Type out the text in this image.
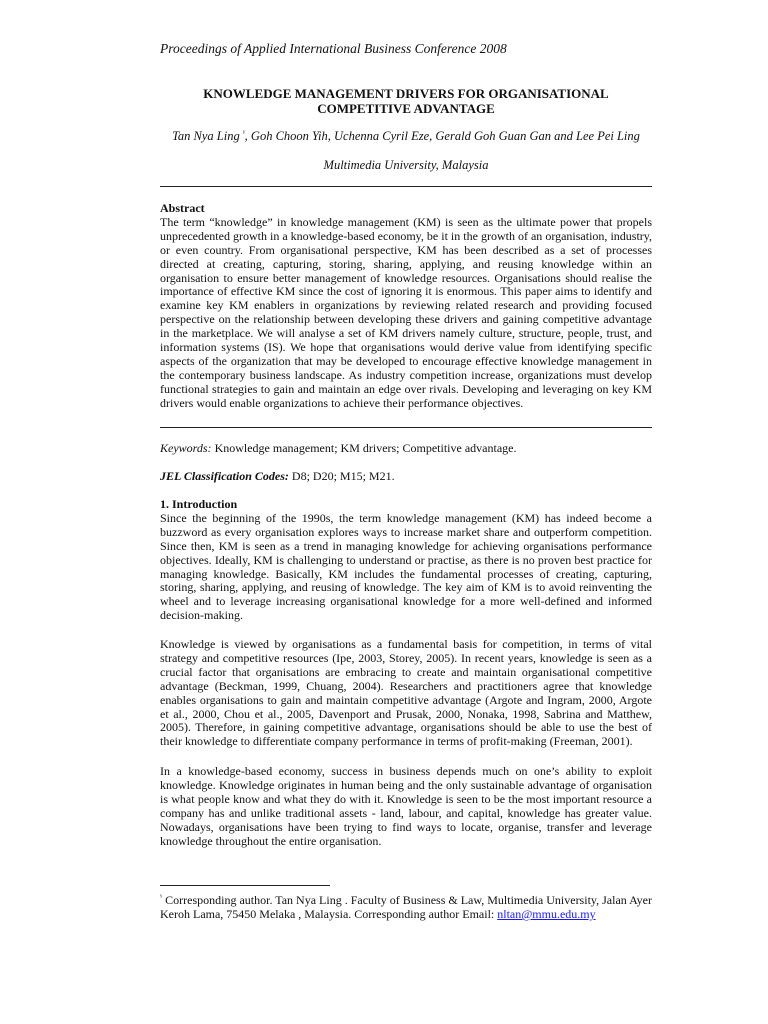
Proceedings of Applied International Business Conference 2008
KNOWLEDGE MANAGEMENT DRIVERS FOR ORGANISATIONAL COMPETITIVE ADVANTAGE
Tan Nya Ling $^ᵞ$, Goh Choon Yih, Uchenna Cyril Eze, Gerald Goh Guan Gan and Lee Pei Ling
Multimedia University, Malaysia
Abstract
The term “knowledge” in knowledge management (KM) is seen as the ultimate power that propels unprecedented growth in a knowledge-based economy, be it in the growth of an organisation, industry, or even country. From organisational perspective, KM has been described as a set of processes directed at creating, capturing, storing, sharing, applying, and reusing knowledge within an organisation to ensure better management of knowledge resources. Organisations should realise the importance of effective KM since the cost of ignoring it is enormous. This paper aims to identify and examine key KM enablers in organizations by reviewing related research and providing focused perspective on the relationship between developing these drivers and gaining competitive advantage in the marketplace. We will analyse a set of KM drivers namely culture, structure, people, trust, and information systems (IS). We hope that organisations would derive value from identifying specific aspects of the organization that may be developed to encourage effective knowledge management in the contemporary business landscape. As industry competition increase, organizations must develop functional strategies to gain and maintain an edge over rivals. Developing and leveraging on key KM drivers would enable organizations to achieve their performance objectives.
Keywords: Knowledge management; KM drivers; Competitive advantage.
JEL Classification Codes: D8; D20; M15; M21.
1. Introduction
Since the beginning of the 1990s, the term knowledge management (KM) has indeed become a buzzword as every organisation explores ways to increase market share and outperform competition. Since then, KM is seen as a trend in managing knowledge for achieving organisations performance objectives. Ideally, KM is challenging to understand or practise, as there is no proven best practice for managing knowledge. Basically, KM includes the fundamental processes of creating, capturing, storing, sharing, applying, and reusing of knowledge. The key aim of KM is to avoid reinventing the wheel and to leverage increasing organisational knowledge for a more well-defined and informed decision-making.
Knowledge is viewed by organisations as a fundamental basis for competition, in terms of vital strategy and competitive resources (Ipe, 2003, Storey, 2005). In recent years, knowledge is seen as a crucial factor that organisations are embracing to create and maintain organisational competitive advantage (Beckman, 1999, Chuang, 2004). Researchers and practitioners agree that knowledge enables organisations to gain and maintain competitive advantage (Argote and Ingram, 2000, Argote et al., 2000, Chou et al., 2005, Davenport and Prusak, 2000, Nonaka, 1998, Sabrina and Matthew, 2005). Therefore, in gaining competitive advantage, organisations should be able to use the best of their knowledge to differentiate company performance in terms of profit-making (Freeman, 2001).
In a knowledge-based economy, success in business depends much on one’s ability to exploit knowledge. Knowledge originates in human being and the only sustainable advantage of organisation is what people know and what they do with it. Knowledge is seen to be the most important resource a company has and unlike traditional assets - land, labour, and capital, knowledge has greater value. Nowadays, organisations have been trying to find ways to locate, organise, transfer and leverage knowledge throughout the entire organisation.
$^ᵞ$ Corresponding author. Tan Nya Ling . Faculty of Business & Law, Multimedia University, Jalan Ayer Keroh Lama, 75450 Melaka , Malaysia. Corresponding author Email: nltan@mmu.edu.my
